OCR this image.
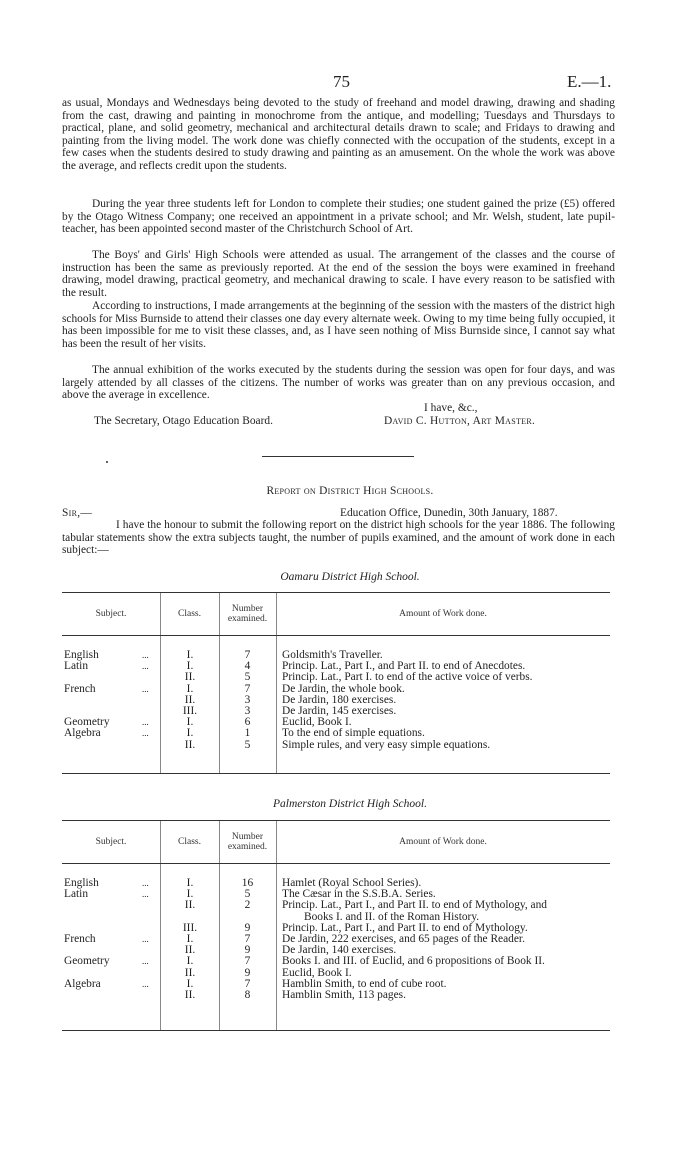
75	E.—1.

as usual, Mondays and Wednesdays being devoted to the study of freehand and model drawing, drawing and shading from the cast, drawing and painting in monochrome from the antique, and modelling; Tuesdays and Thursdays to practical, plane, and solid geometry, mechanical and architectural details drawn to scale; and Fridays to drawing and painting from the living model. The work done was chiefly connected with the occupation of the students, except in a few cases when the students desired to study drawing and painting as an amusement. On the whole the work was above the average, and reflects credit upon the students.

During the year three students left for London to complete their studies; one student gained the prize (£5) offered by the Otago Witness Company; one received an appointment in a private school; and Mr. Welsh, student, late pupil-teacher, has been appointed second master of the Christchurch School of Art.

The Boys' and Girls' High Schools were attended as usual. The arrangement of the classes and the course of instruction has been the same as previously reported. At the end of the session the boys were examined in freehand drawing, model drawing, practical geometry, and mechanical drawing to scale. I have every reason to be satisfied with the result.

According to instructions, I made arrangements at the beginning of the session with the masters of the district high schools for Miss Burnside to attend their classes one day every alternate week. Owing to my time being fully occupied, it has been impossible for me to visit these classes, and, as I have seen nothing of Miss Burnside since, I cannot say what has been the result of her visits.

The annual exhibition of the works executed by the students during the session was open for four days, and was largely attended by all classes of the citizens. The number of works was greater than on any previous occasion, and above the average in excellence.

I have, &c.,
The Secretary, Otago Education Board.	David C. Hutton, Art Master.
Report on District High Schools.
Sir,—	Education Office, Dunedin, 30th January, 1887.

I have the honour to submit the following report on the district high schools for the year 1886. The following tabular statements show the extra subjects taught, the number of pupils examined, and the amount of work done in each subject:—

Oamaru District High School.
Subject.	Class.	Number
examined.	Amount of Work done.
English	...	I.	7	Goldsmith's Traveller.
Latin	...	I.	4	Princip. Lat., Part I., and Part II. to end of Anecdotes.
II.	5	Princip. Lat., Part I. to end of the active voice of verbs.
French	...	I.	7	De Jardin, the whole book.
II.	3	De Jardin, 180 exercises.
III.	3	De Jardin, 145 exercises.
Geometry	...	I.	6	Euclid, Book I.
Algebra	...	I.	1	To the end of simple equations.
II.	5	Simple rules, and very easy simple equations.
Palmerston District High School.
Subject.	Class.	Number
examined.	Amount of Work done.
English	...	I.	16	Hamlet (Royal School Series).
Latin	...	I.	5	The Cæsar in the S.S.B.A. Series.
II.	2	Princip. Lat., Part I., and Part II. to end of Mythology, and
Books I. and II. of the Roman History.
III.	9	Princip. Lat., Part I., and Part II. to end of Mythology.
French	...	I.	7	De Jardin, 222 exercises, and 65 pages of the Reader.
II.	9	De Jardin, 140 exercises.
Geometry	...	I.	7	Books I. and III. of Euclid, and 6 propositions of Book II.
II.	9	Euclid, Book I.
Algebra	...	I.	7	Hamblin Smith, to end of cube root.
II.	8	Hamblin Smith, 113 pages.
